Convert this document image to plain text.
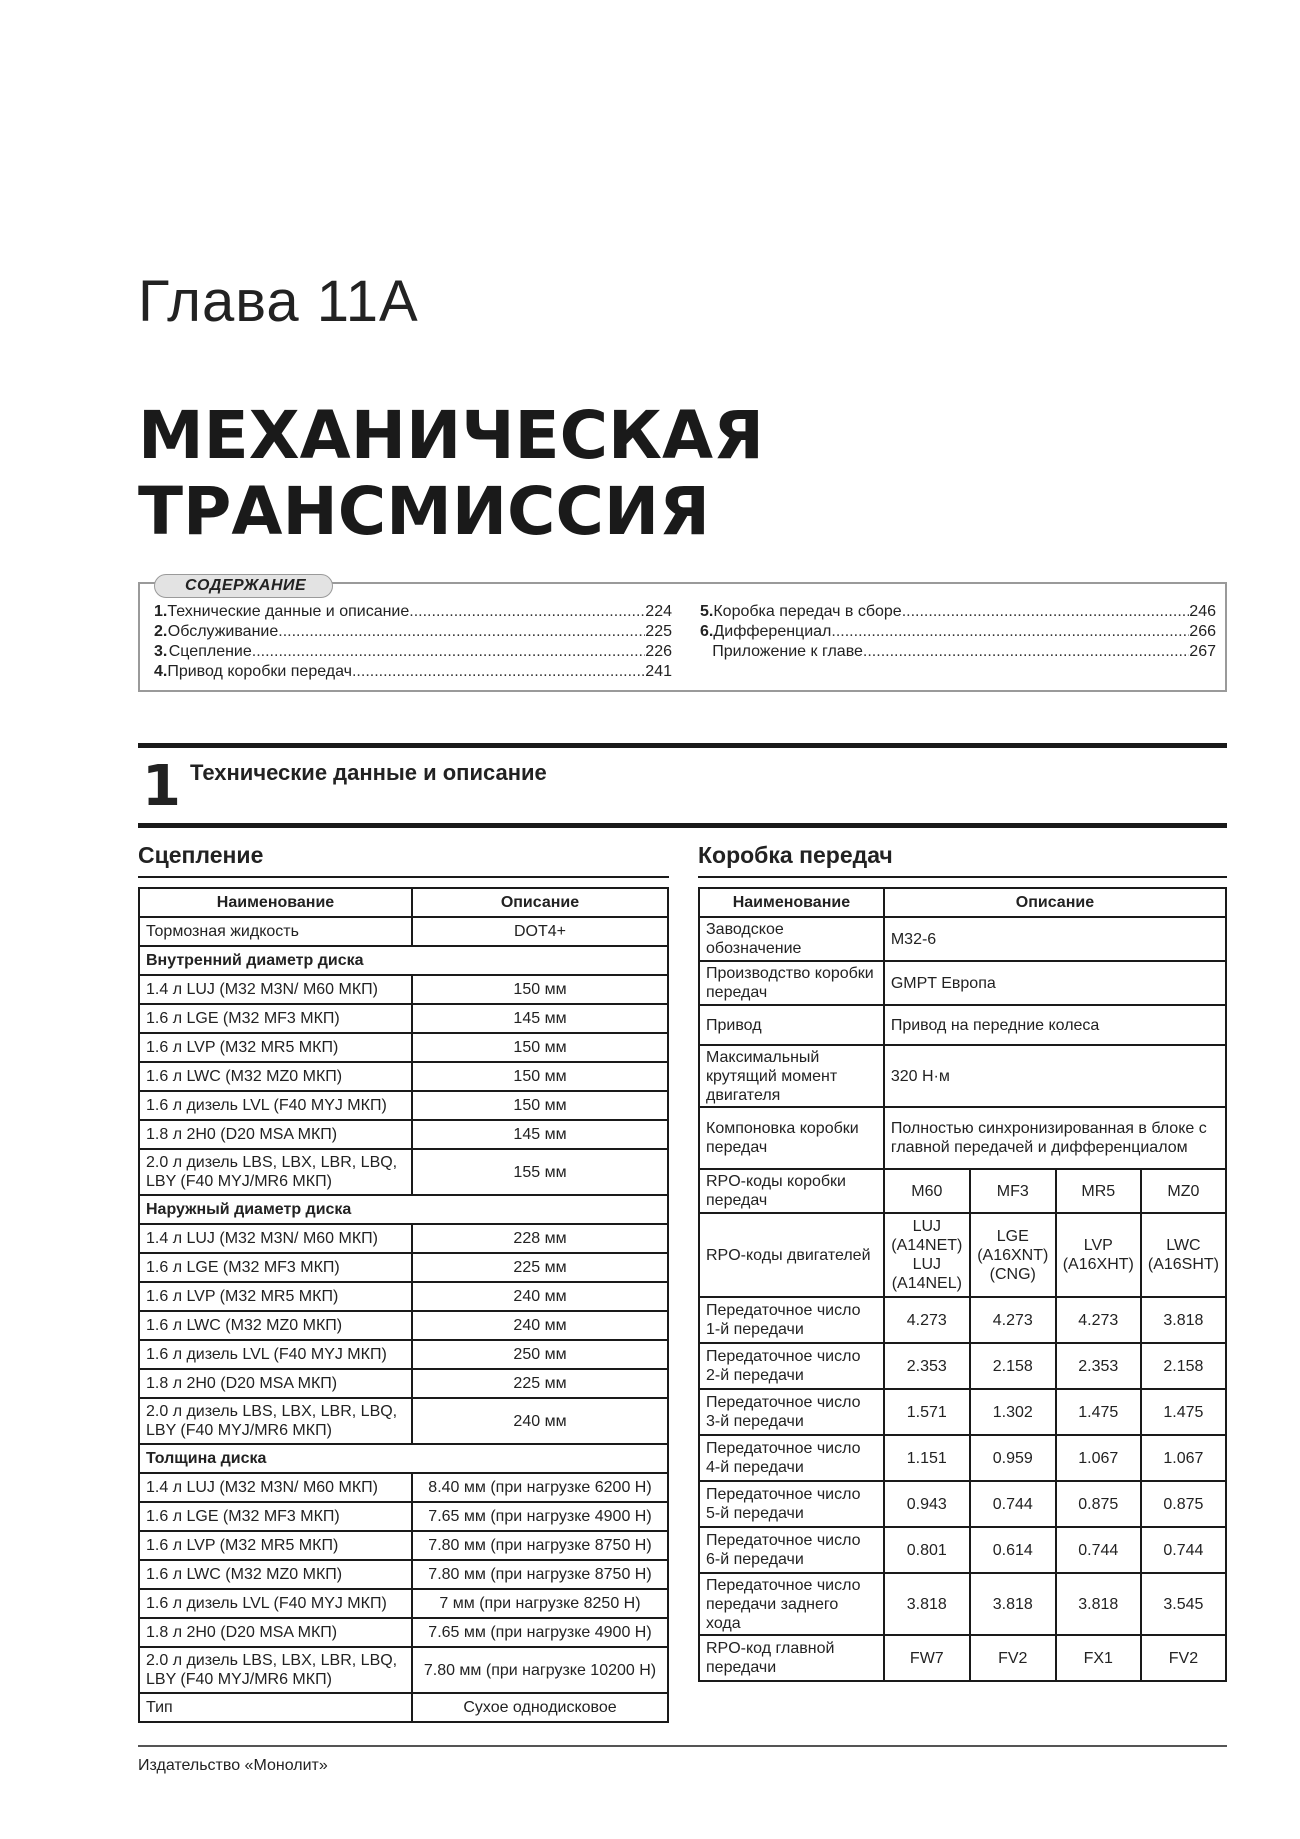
Глава 11А
МЕХАНИЧЕСКАЯ
ТРАНСМИССИЯ
СОДЕРЖАНИЕ
1. Технические данные и описание .....	224
2. Обслуживание .....	225
3. Сцепление .....	226
4. Привод коробки передач .....	241
5. Коробка передач в сборе .....	246
6. Дифференциал .....	266
Приложение к главе .....	267
1 Технические данные и описание
Сцепление	Коробка передач
Наименование	Описание
Тормозная жидкость	DOT4+
Внутренний диаметр диска	
1.4 л LUJ (M32 M3N/ M60 МКП)	150 мм
1.6 л LGE (M32 MF3 МКП)	145 мм
1.6 л LVP (M32 MR5 МКП)	150 мм
1.6 л LWC (M32 MZ0 МКП)	150 мм
1.6 л дизель LVL (F40 MYJ МКП)	150 мм
1.8 л 2H0 (D20 MSA МКП)	145 мм
2.0 л дизель LBS, LBX, LBR, LBQ, LBY (F40 MYJ/MR6 МКП)	155 мм
Наружный диаметр диска	
1.4 л LUJ (M32 M3N/ M60 МКП)	228 мм
1.6 л LGE (M32 MF3 МКП)	225 мм
1.6 л LVP (M32 MR5 МКП)	240 мм
1.6 л LWC (M32 MZ0 МКП)	240 мм
1.6 л дизель LVL (F40 MYJ МКП)	250 мм
1.8 л 2H0 (D20 MSA МКП)	225 мм
2.0 л дизель LBS, LBX, LBR, LBQ, LBY (F40 MYJ/MR6 МКП)	240 мм
Толщина диска	
1.4 л LUJ (M32 M3N/ M60 МКП)	8.40 мм (при нагрузке 6200 Н)
1.6 л LGE (M32 MF3 МКП)	7.65 мм (при нагрузке 4900 Н)
1.6 л LVP (M32 MR5 МКП)	7.80 мм (при нагрузке 8750 Н)
1.6 л LWC (M32 MZ0 МКП)	7.80 мм (при нагрузке 8750 Н)
1.6 л дизель LVL (F40 MYJ МКП)	7 мм (при нагрузке 8250 Н)
1.8 л 2H0 (D20 MSA МКП)	7.65 мм (при нагрузке 4900 Н)
2.0 л дизель LBS, LBX, LBR, LBQ, LBY (F40 MYJ/MR6 МКП)	7.80 мм (при нагрузке 10200 Н)
Тип	Сухое однодисковое
Наименование	Описание			
Заводское обозначение	M32-6			
Производство коробки передач	GMPT Европа			
Привод	Привод на передние колеса			
Максимальный крутящий момент двигателя	320 Н·м			
Компоновка коробки передач	Полностью синхронизированная в блоке с главной передачей и дифференциалом			
RPO-коды коробки передач	M60	MF3	MR5	MZ0
RPO-коды двигателей	LUJ (A14NET) LUJ (A14NEL)	LGE (A16XNT) (CNG)	LVP (A16XHT)	LWC (A16SHT)
Передаточное число 1-й передачи	4.273	4.273	4.273	3.818
Передаточное число 2-й передачи	2.353	2.158	2.353	2.158
Передаточное число 3-й передачи	1.571	1.302	1.475	1.475
Передаточное число 4-й передачи	1.151	0.959	1.067	1.067
Передаточное число 5-й передачи	0.943	0.744	0.875	0.875
Передаточное число 6-й передачи	0.801	0.614	0.744	0.744
Передаточное число передачи заднего хода	3.818	3.818	3.818	3.545
RPO-код главной передачи	FW7	FV2	FX1	FV2
Издательство «Монолит»
